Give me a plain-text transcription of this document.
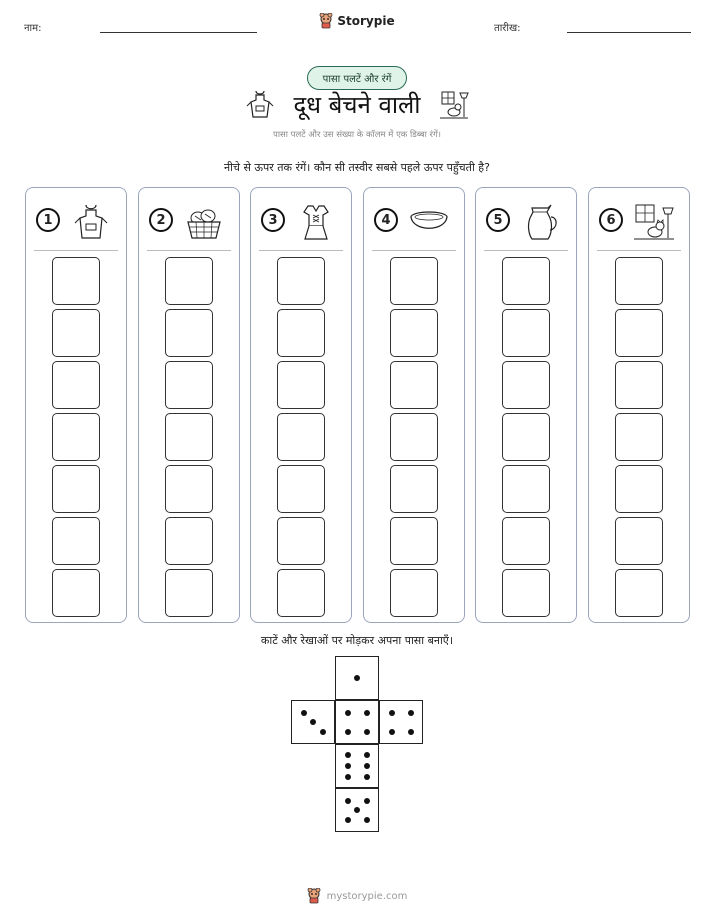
नाम:
Storypie
तारीख:
पासा पलटें और रंगें
दूध बेचने वाली
पासा पलटें और उस संख्या के कॉलम में एक डिब्बा रंगें।
नीचे से ऊपर तक रंगें। कौन सी तस्वीर सबसे पहले ऊपर पहुँचती है?
1	2	3	4	5	6
काटें और रेखाओं पर मोड़कर अपना पासा बनाएँ।
mystorypie.com
